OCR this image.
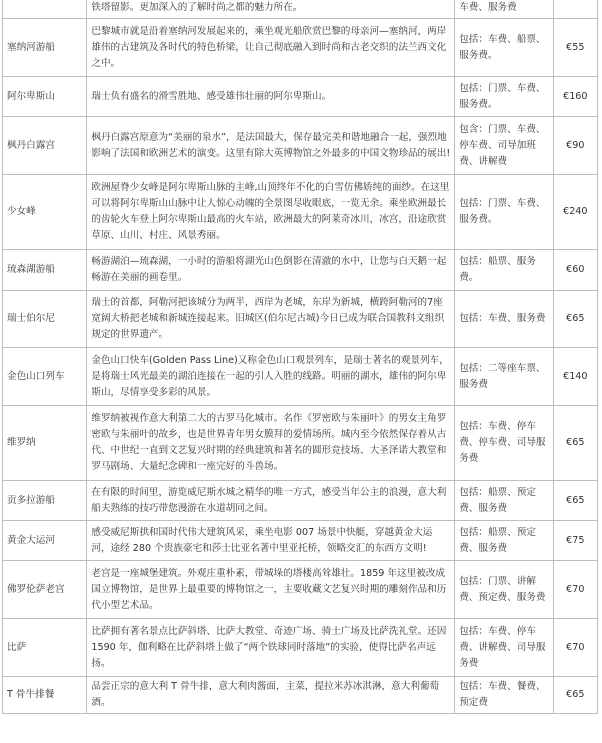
	铁塔留影。更加深入的了解时尚之都的魅力所在。	车费、服务费	
塞纳河游船	巴黎城市就是沿着塞纳河发展起来的，乘坐观光船欣赏巴黎的母亲河—塞纳河，两岸雄伟的古建筑及各时代的特色桥梁，让自己彻底融入到时尚和古老交织的法兰西文化之中。	包括：车费、船票、服务费。	€55
阿尔卑斯山	瑞士负有盛名的滑雪胜地、感受雄伟壮丽的阿尔卑斯山。	包括：门票、车费、服务费。	€160
枫丹白露宫	枫丹白露宫原意为“美丽的泉水”，是法国最大，保存最完美和谐地融合一起，强烈地影响了法国和欧洲艺术的演变。这里有除大英博物馆之外最多的中国文物珍品的展出!	包含：门票、车费、停车费、司导加班费、讲解费	€90
少女峰	欧洲屋脊少女峰是阿尔卑斯山脉的主峰,山顶终年不化的白雪仿佛娇纯的面纱。在这里可以将阿尔卑斯山山脉中让人惊心动魄的全景图尽收眼底，一览无余。乘坐欧洲最长的齿轮火车登上阿尔卑斯山最高的火车站，欧洲最大的阿莱奇冰川，冰宫，沿途欣赏草原、山川、村庄、风景秀丽。	包括：门票、车费、服务费。	€240
琉森湖游船	畅游湖泊—琉森湖，一小时的游船将湖光山色倒影在清澈的水中，让您与白天鹅一起畅游在美丽的画卷里。	包括：船票、服务费。	€60
瑞士伯尔尼	瑞士的首都，阿勒河把该城分为两半，西岸为老城，东岸为新城，横跨阿勒河的7座宽阔大桥把老城和新城连接起来。旧城区(伯尔尼古城)今日已成为联合国教科文组织规定的世界遗产。	包括：车费、服务费	€65
金色山口列车	金色山口快车(Golden Pass Line)又称金色山口观景列车，是瑞士著名的观景列车，是将瑞士风光最美的湖泊连接在一起的引人入胜的线路。明丽的湖水，雄伟的阿尔卑斯山，尽情享受多彩的风景。	包括：二等座车票、服务费	€140
维罗纳	维罗纳被视作意大利第二大的古罗马化城市。名作《罗密欧与朱丽叶》的男女主角罗密欧与朱丽叶的故乡，也是世界青年男女膜拜的爱情场所。城内至今依然保存着从古代、中世纪一直到文艺复兴时期的经典建筑和著名的圆形竞技场、大圣泽诺大教堂和罗马剧场、大量纪念碑和一座完好的斗兽场。	包括：车费、停车费、停车费、司导服务费	€65
贡多拉游船	在有限的时间里，游览威尼斯水城之精华的唯一方式，感受当年公主的浪漫，意大利船夫熟练的技巧带您漫游在水道胡同之间。	包括：船票、预定费、服务费	€65
黄金大运河	感受威尼斯拱和国时代伟大建筑风采，乘坐电影 007 场景中快艇，穿越黄金大运河，途经 280 个贵族豪宅和莎士比亚名著中里亚托桥，领略交汇的东西方文明!	包括：船票、预定费、服务费	€75
佛罗伦萨老宫	老宫是一座城堡建筑。外观庄重朴素，带城垛的塔楼高耸雄壮。1859 年这里被改成国立博物馆，是世界上最重要的博物馆之一，主要收藏文艺复兴时期的雕刻作品和历代小型艺术品。	包括：门票、讲解费、预定费、服务费	€70
比萨	比萨拥有著名景点比萨斜塔、比萨大教堂、奇迹广场、骑士广场及比萨洗礼堂。还因 1590 年，伽利略在比萨斜塔上做了“两个铁球同时落地”的实验，使得比萨名声远扬。	包括：车费、停车费、讲解费、司导服务费	€70
T 骨牛排餐	品尝正宗的意大利 T 骨牛排，意大利肉酱面，主菜，提拉米苏冰淇淋，意大利葡萄酒。	包括：车费、餐费、预定费	€65
